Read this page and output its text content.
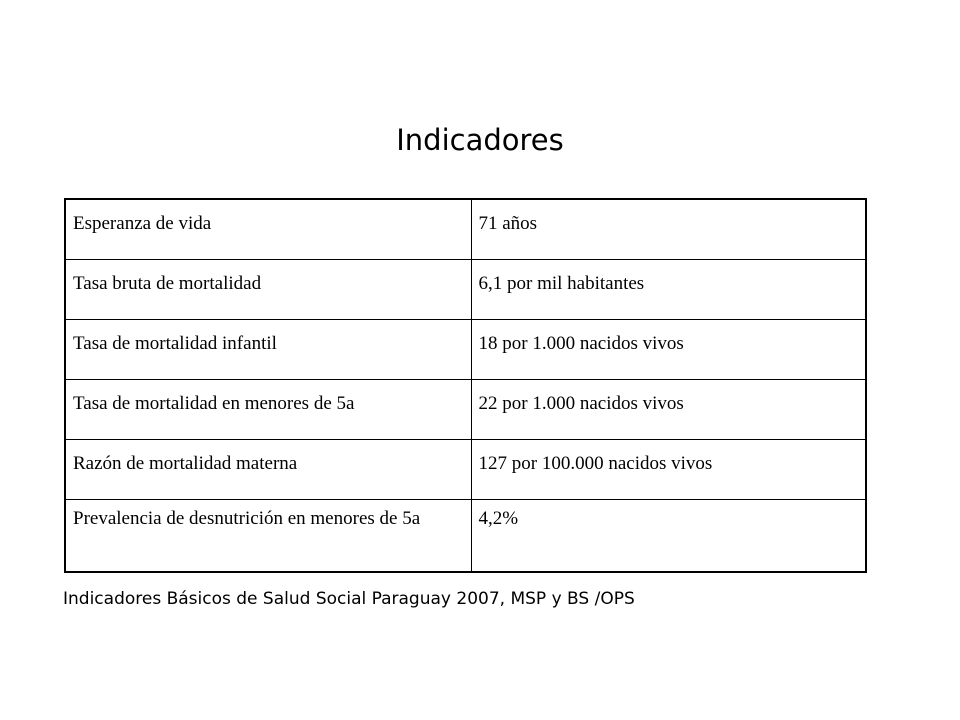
Indicadores
Esperanza de vida	71 años

Tasa bruta de mortalidad	6,1 por mil habitantes

Tasa de mortalidad infantil	18 por 1.000 nacidos vivos

Tasa de mortalidad en menores de 5a	22 por 1.000 nacidos vivos

Razón de mortalidad materna	127 por 100.000 nacidos vivos

Prevalencia de desnutrición en menores de 5a	4,2%
Indicadores Básicos de Salud Social Paraguay 2007, MSP y BS /OPS
